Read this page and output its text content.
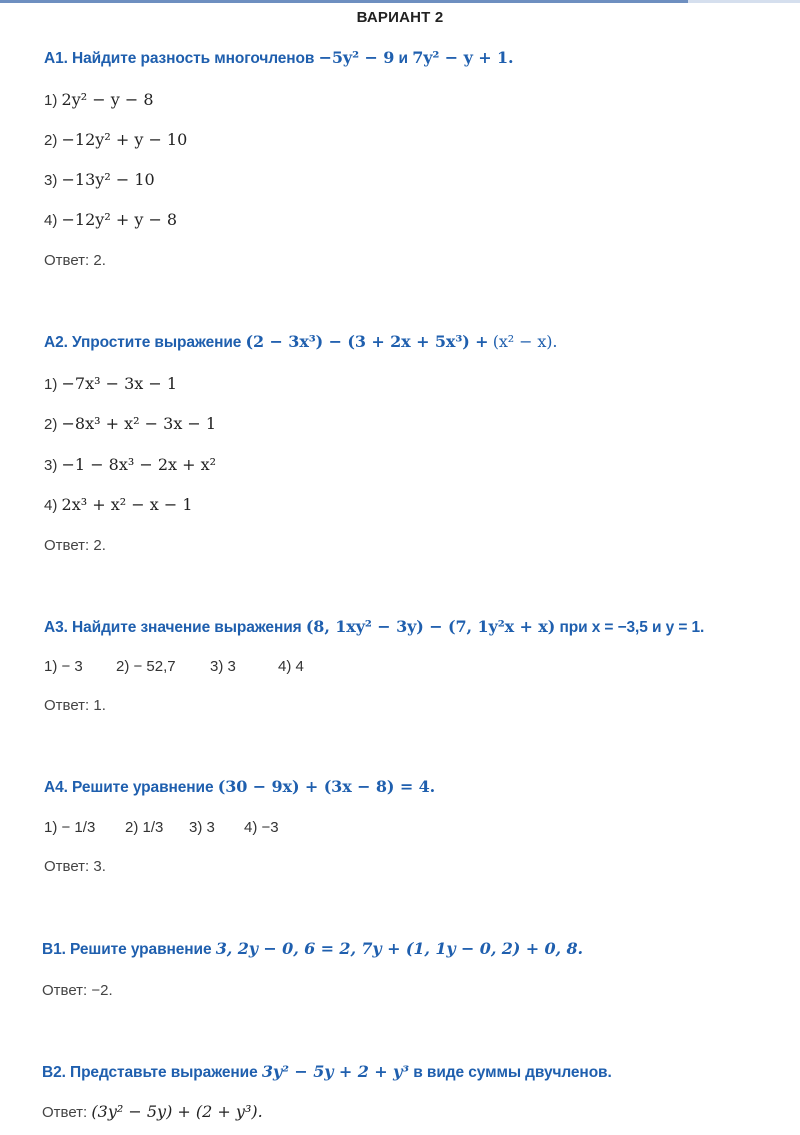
ВАРИАНТ 2
А1. Найдите разность многочленов −5y² − 9 и 7y² − y + 1.
1) 2y² − y − 8
2) −12y² + y − 10
3) −13y² − 10
4) −12y² + y − 8
Ответ: 2.
А2. Упростите выражение (2 − 3x³) − (3 + 2x + 5x³) + (x² − x).
1) −7x³ − 3x − 1
2) −8x³ + x² − 3x − 1
3) −1 − 8x³ − 2x + x²
4) 2x³ + x² − x − 1
Ответ: 2.
А3. Найдите значение выражения (8, 1xy² − 3y) − (7, 1y²x + x) при x = −3,5 и y = 1.
1) − 3 2) − 52,7 3) 3	4) 4
Ответ: 1.
А4. Решите уравнение (30 − 9x) + (3x − 8) = 4.
1) − 1/3 2) 1/3 3) 3 4) −3
Ответ: 3.
В1. Решите уравнение 3, 2y − 0, 6 = 2, 7y + (1, 1y − 0, 2) + 0, 8.
Ответ: −2.
В2. Представьте выражение 3y² − 5y + 2 + y³ в виде суммы двучленов.
Ответ: (3y² − 5y) + (2 + y³).
